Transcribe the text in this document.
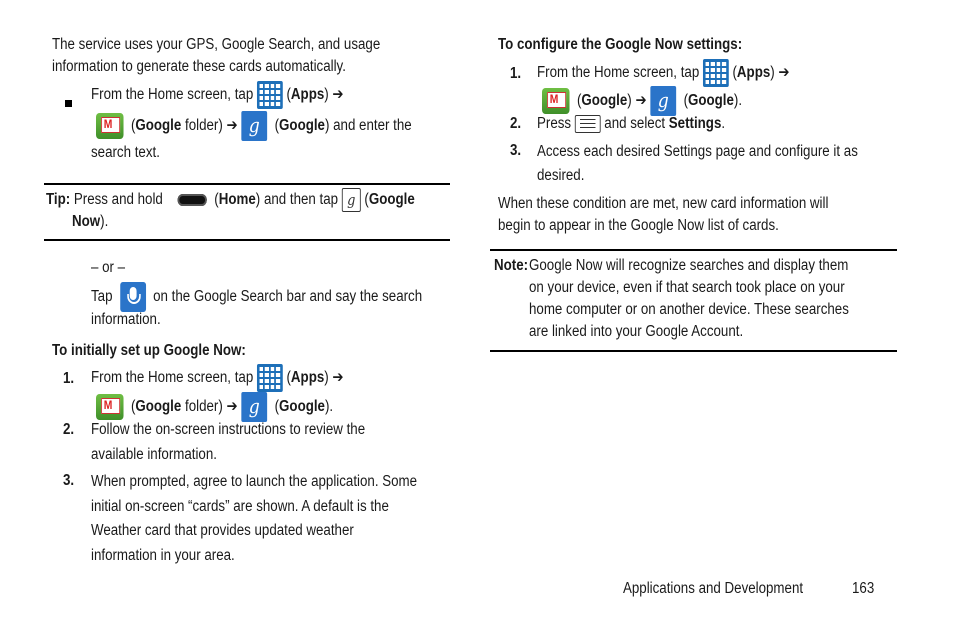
The service uses your GPS, Google Search, and usage
information to generate these cards automatically.
From the Home screen, tap (Apps) ➔
M  (Google folder) ➔ g (Google) and enter the
search text.
Tip: Press and hold	(Home) and then tap g (Google
Now).
– or –
Tap	on the Google Search bar and say the search
information.
To initially set up Google Now:
1. From the Home screen, tap (Apps) ➔
M  (Google folder) ➔ g (Google).
2. Follow the on-screen instructions to review the
available information.
3. When prompted, agree to launch the application. Some
initial on-screen “cards” are shown. A default is the
Weather card that provides updated weather
information in your area.
To configure the Google Now settings:
1. From the Home screen, tap (Apps) ➔
M  (Google) ➔ g (Google).
2. Press and select Settings.
3. Access each desired Settings page and configure it as
desired.
When these condition are met, new card information will
begin to appear in the Google Now list of cards.
Note: Google Now will recognize searches and display them
on your device, even if that search took place on your
home computer or on another device. These searches
are linked into your Google Account.
Applications and Development	163
